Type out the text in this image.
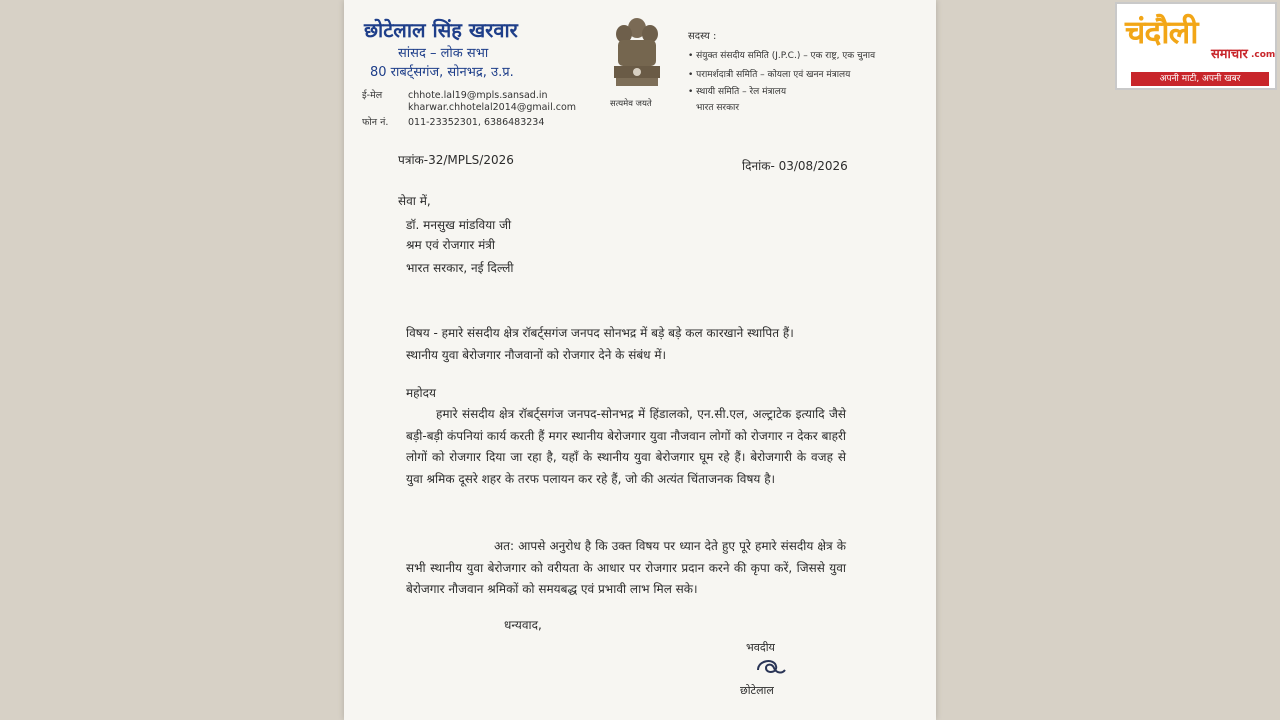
छोटेलाल सिंह खरवार
सांसद – लोक सभा
80 राबर्ट्सगंज, सोनभद्र, उ.प्र.
ई-मेल	chhote.lal19@mpls.sansad.in
kharwar.chhotelal2014@gmail.com
फोन नं. 011-23352301, 6386483234
सत्यमेव जयते
सदस्य :
• संयुक्त संसदीय समिति (J.P.C.) – एक राष्ट्र, एक चुनाव
• परामर्शदात्री समिति – कोयला एवं खनन मंत्रालय
• स्थायी समिति – रेल मंत्रालय
भारत सरकार
पत्रांक-32/MPLS/2026	दिनांक- 03/08/2026
सेवा में,
डॉ. मनसुख मांडविया जी
श्रम एवं रोजगार मंत्री
भारत सरकार, नई दिल्ली
विषय - हमारे संसदीय क्षेत्र रॉबर्ट्सगंज जनपद सोनभद्र में बड़े बड़े कल कारखाने स्थापित हैं।
स्थानीय युवा बेरोजगार नौजवानों को रोजगार देने के संबंध में।
महोदय
हमारे संसदीय क्षेत्र रॉबर्ट्सगंज जनपद-सोनभद्र में हिंडालको, एन.सी.एल, अल्ट्राटेक इत्यादि जैसे बड़ी-बड़ी कंपनियां कार्य करती हैं मगर स्थानीय बेरोजगार युवा नौजवान लोगों को रोजगार न देकर बाहरी लोगों को रोजगार दिया जा रहा है, यहाँ के स्थानीय युवा बेरोजगार घूम रहे हैं। बेरोजगारी के वजह से युवा श्रमिक दूसरे शहर के तरफ पलायन कर रहे हैं, जो की अत्यंत चिंताजनक विषय है।
अत: आपसे अनुरोध है कि उक्त विषय पर ध्यान देते हुए पूरे हमारे संसदीय क्षेत्र के सभी स्थानीय युवा बेरोजगार को वरीयता के आधार पर रोजगार प्रदान करने की कृपा करें, जिससे युवा बेरोजगार नौजवान श्रमिकों को समयबद्ध एवं प्रभावी लाभ मिल सके।
धन्यवाद,
भवदीय
छोटेलाल
चंदौली
समाचार .com
अपनी माटी, अपनी खबर
